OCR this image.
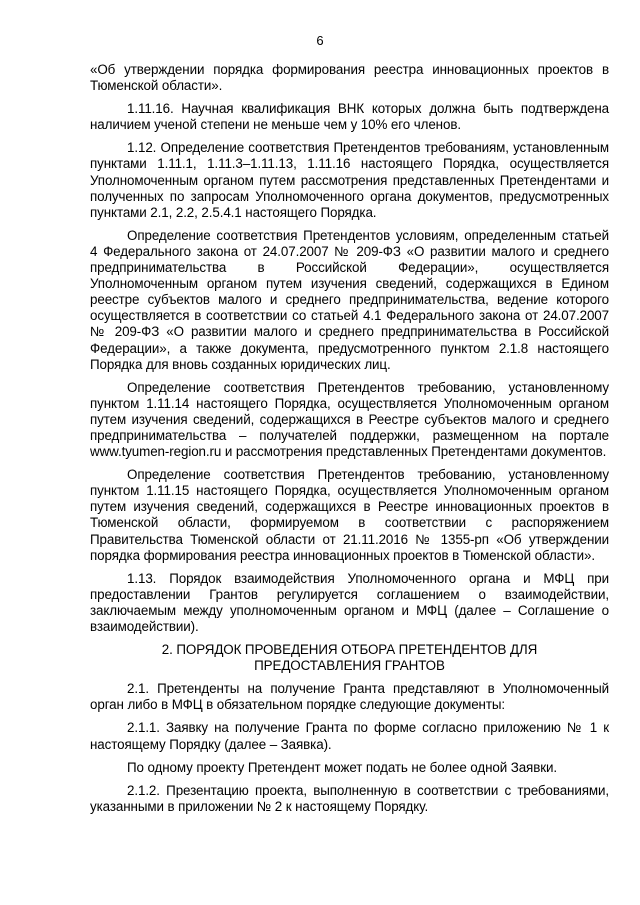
6

«Об утверждении порядка формирования реестра инновационных проектов в Тюменской области».

1.11.16. Научная квалификация ВНК которых должна быть подтверждена наличием ученой степени не меньше чем у 10% его членов.

1.12. Определение соответствия Претендентов требованиям, установленным пунктами 1.11.1, 1.11.3–1.11.13, 1.11.16 настоящего Порядка, осуществляется Уполномоченным органом путем рассмотрения представленных Претендентами и полученных по запросам Уполномоченного органа документов, предусмотренных пунктами 2.1, 2.2, 2.5.4.1 настоящего Порядка.

Определение соответствия Претендентов условиям, определенным статьей 4 Федерального закона от 24.07.2007 № 209-ФЗ «О развитии малого и среднего предпринимательства в Российской Федерации», осуществляется Уполномоченным органом путем изучения сведений, содержащихся в Едином реестре субъектов малого и среднего предпринимательства, ведение которого осуществляется в соответствии со статьей 4.1 Федерального закона от 24.07.2007 № 209-ФЗ «О развитии малого и среднего предпринимательства в Российской Федерации», а также документа, предусмотренного пунктом 2.1.8 настоящего Порядка для вновь созданных юридических лиц.

Определение соответствия Претендентов требованию, установленному пунктом 1.11.14 настоящего Порядка, осуществляется Уполномоченным органом путем изучения сведений, содержащихся в Реестре субъектов малого и среднего предпринимательства – получателей поддержки, размещенном на портале www.tyumen-region.ru и рассмотрения представленных Претендентами документов.

Определение соответствия Претендентов требованию, установленному пунктом 1.11.15 настоящего Порядка, осуществляется Уполномоченным органом путем изучения сведений, содержащихся в Реестре инновационных проектов в Тюменской области, формируемом в соответствии с распоряжением Правительства Тюменской области от 21.11.2016 № 1355-рп «Об утверждении порядка формирования реестра инновационных проектов в Тюменской области».

1.13. Порядок взаимодействия Уполномоченного органа и МФЦ при предоставлении Грантов регулируется соглашением о взаимодействии, заключаемым между уполномоченным органом и МФЦ (далее – Соглашение о взаимодействии).

2. ПОРЯДОК ПРОВЕДЕНИЯ ОТБОРА ПРЕТЕНДЕНТОВ ДЛЯ
ПРЕДОСТАВЛЕНИЯ ГРАНТОВ

2.1. Претенденты на получение Гранта представляют в Уполномоченный орган либо в МФЦ в обязательном порядке следующие документы:

2.1.1. Заявку на получение Гранта по форме согласно приложению № 1 к настоящему Порядку (далее – Заявка).

По одному проекту Претендент может подать не более одной Заявки.

2.1.2. Презентацию проекта, выполненную в соответствии с требованиями, указанными в приложении № 2 к настоящему Порядку.
